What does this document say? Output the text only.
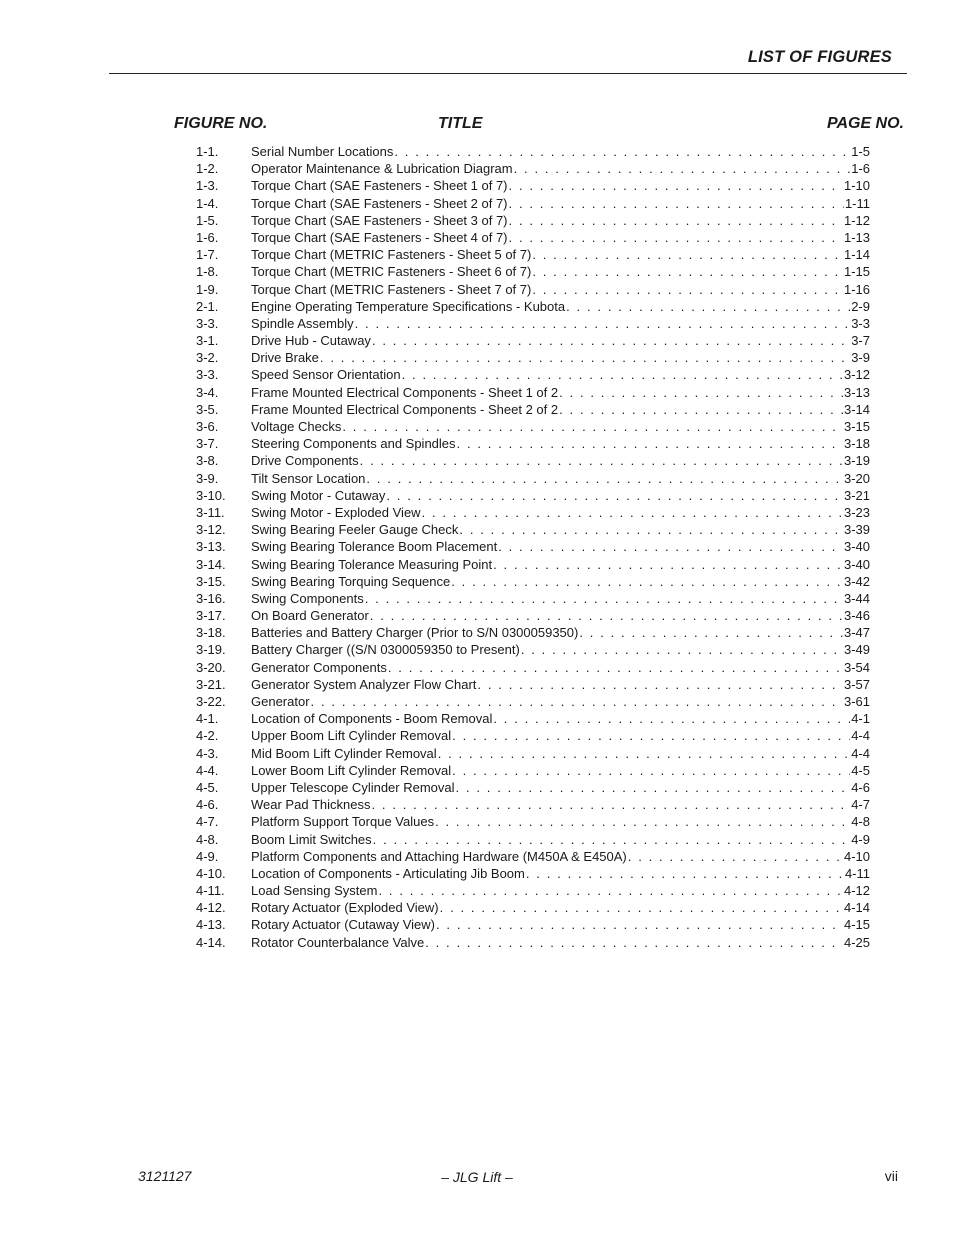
LIST OF FIGURES
FIGURE NO.	TITLE	PAGE NO.
1-1.	Serial Number Locations . . .	1-5
1-2.	Operator Maintenance & Lubrication Diagram . . .	1-6
1-3.	Torque Chart (SAE Fasteners - Sheet 1 of 7) . . .	1-10
1-4.	Torque Chart (SAE Fasteners - Sheet 2 of 7) . . .	1-11
1-5.	Torque Chart (SAE Fasteners - Sheet 3 of 7) . . .	1-12
1-6.	Torque Chart (SAE Fasteners - Sheet 4 of 7) . . .	1-13
1-7.	Torque Chart (METRIC Fasteners - Sheet 5 of 7) . . .	1-14
1-8.	Torque Chart (METRIC Fasteners - Sheet 6 of 7) . . .	1-15
1-9.	Torque Chart (METRIC Fasteners - Sheet 7 of 7) . . .	1-16
2-1.	Engine Operating Temperature Specifications - Kubota . . .	2-9
3-3.	Spindle Assembly . . .	3-3
3-1.	Drive Hub - Cutaway . . .	3-7
3-2.	Drive Brake . . .	3-9
3-3.	Speed Sensor Orientation . . .	3-12
3-4.	Frame Mounted Electrical Components - Sheet 1 of 2 . . .	3-13
3-5.	Frame Mounted Electrical Components - Sheet 2 of 2 . . .	3-14
3-6.	Voltage Checks . . .	3-15
3-7.	Steering Components and Spindles . . .	3-18
3-8.	Drive Components . . .	3-19
3-9.	Tilt Sensor Location . . .	3-20
3-10. Swing Motor - Cutaway . . .	3-21
3-11. Swing Motor - Exploded View . . .	3-23
3-12. Swing Bearing Feeler Gauge Check . . .	3-39
3-13. Swing Bearing Tolerance Boom Placement . . .	3-40
3-14. Swing Bearing Tolerance Measuring Point . . .	3-40
3-15. Swing Bearing Torquing Sequence . . .	3-42
3-16. Swing Components . . .	3-44
3-17. On Board Generator . . .	3-46
3-18. Batteries and Battery Charger (Prior to S/N 0300059350) . . .	3-47
3-19. Battery Charger ((S/N 0300059350 to Present) . . .	3-49
3-20. Generator Components . . .	3-54
3-21. Generator System Analyzer Flow Chart . . .	3-57
3-22. Generator . . .	3-61
4-1.	Location of Components - Boom Removal . . .	4-1
4-2.	Upper Boom Lift Cylinder Removal . . .	4-4
4-3.	Mid Boom Lift Cylinder Removal . . .	4-4
4-4.	Lower Boom Lift Cylinder Removal . . .	4-5
4-5.	Upper Telescope Cylinder Removal . . .	4-6
4-6.	Wear Pad Thickness . . .	4-7
4-7.	Platform Support Torque Values . . .	4-8
4-8.	Boom Limit Switches . . .	4-9
4-9.	Platform Components and Attaching Hardware (M450A & E450A) . . .	4-10
4-10. Location of Components - Articulating Jib Boom . . .	4-11
4-11. Load Sensing System . . .	4-12
4-12. Rotary Actuator (Exploded View) . . .	4-14
4-13. Rotary Actuator (Cutaway View) . . .	4-15
4-14. Rotator Counterbalance Valve . . .	4-25
3121127	– JLG Lift –	vii
